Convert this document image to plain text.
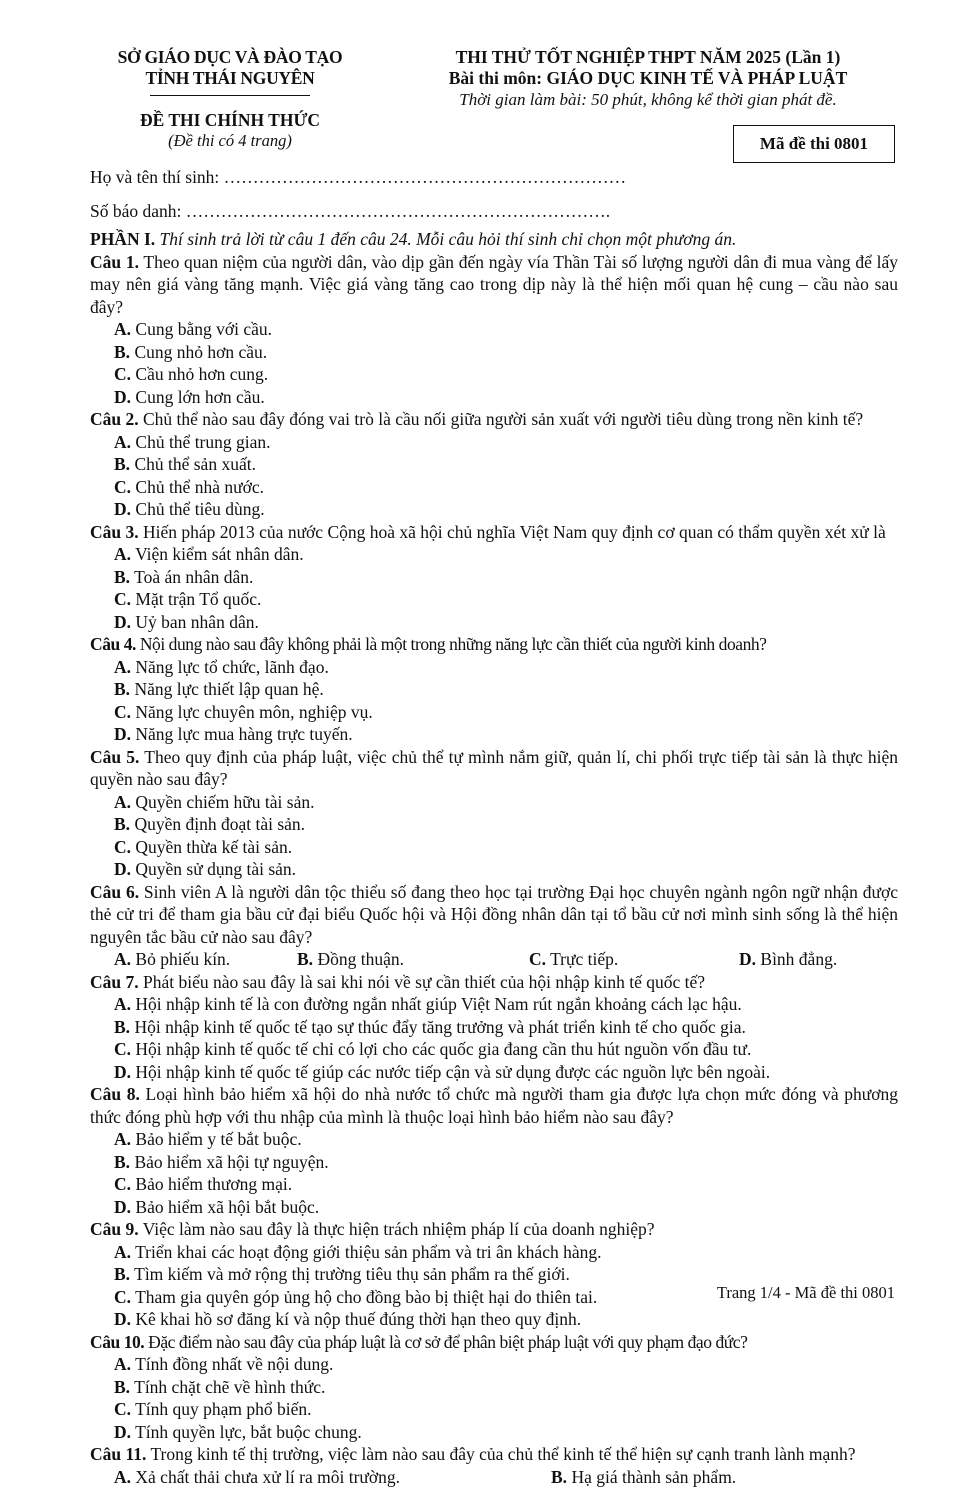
SỞ GIÁO DỤC VÀ ĐÀO TẠO
TỈNH THÁI NGUYÊN
ĐỀ THI CHÍNH THỨC
(Đề thi có 4 trang)
THI THỬ TỐT NGHIỆP THPT NĂM 2025 (Lần 1)
Bài thi môn: GIÁO DỤC KINH TẾ VÀ PHÁP LUẬT
Thời gian làm bài: 50 phút, không kể thời gian phát đề.
Mã đề thi 0801
Họ và tên thí sinh: ……………………………………………………………
Số báo danh: ……………………………………………………………….
PHẦN I. Thí sinh trả lời từ câu 1 đến câu 24. Mỗi câu hỏi thí sinh chỉ chọn một phương án.
Câu 1. Theo quan niệm của người dân, vào dịp gần đến ngày vía Thần Tài số lượng người dân đi mua vàng để lấy may nên giá vàng tăng mạnh. Việc giá vàng tăng cao trong dịp này là thể hiện mối quan hệ cung – cầu nào sau đây?
A. Cung bằng với cầu.
B. Cung nhỏ hơn cầu.
C. Cầu nhỏ hơn cung.
D. Cung lớn hơn cầu.
Câu 2. Chủ thể nào sau đây đóng vai trò là cầu nối giữa người sản xuất với người tiêu dùng trong nền kinh tế?
A. Chủ thể trung gian.
B. Chủ thể sản xuất.
C. Chủ thể nhà nước.
D. Chủ thể tiêu dùng.
Câu 3. Hiến pháp 2013 của nước Cộng hoà xã hội chủ nghĩa Việt Nam quy định cơ quan có thẩm quyền xét xử là
A. Viện kiểm sát nhân dân.
B. Toà án nhân dân.
C. Mặt trận Tổ quốc.
D. Uỷ ban nhân dân.
Câu 4. Nội dung nào sau đây không phải là một trong những năng lực cần thiết của người kinh doanh?
A. Năng lực tổ chức, lãnh đạo.
B. Năng lực thiết lập quan hệ.
C. Năng lực chuyên môn, nghiệp vụ.
D. Năng lực mua hàng trực tuyến.
Câu 5. Theo quy định của pháp luật, việc chủ thể tự mình nắm giữ, quản lí, chi phối trực tiếp tài sản là thực hiện quyền nào sau đây?
A. Quyền chiếm hữu tài sản.
B. Quyền định đoạt tài sản.
C. Quyền thừa kế tài sản.
D. Quyền sử dụng tài sản.
Câu 6. Sinh viên A là người dân tộc thiểu số đang theo học tại trường Đại học chuyên ngành ngôn ngữ nhận được thẻ cử tri để tham gia bầu cử đại biểu Quốc hội và Hội đồng nhân dân tại tổ bầu cử nơi mình sinh sống là thể hiện nguyên tắc bầu cử nào sau đây?
A. Bỏ phiếu kín.	B. Đồng thuận.	C. Trực tiếp.	D. Bình đẳng.
Câu 7. Phát biểu nào sau đây là sai khi nói về sự cần thiết của hội nhập kinh tế quốc tế?
A. Hội nhập kinh tế là con đường ngắn nhất giúp Việt Nam rút ngắn khoảng cách lạc hậu.
B. Hội nhập kinh tế quốc tế tạo sự thúc đẩy tăng trưởng và phát triển kinh tế cho quốc gia.
C. Hội nhập kinh tế quốc tế chỉ có lợi cho các quốc gia đang cần thu hút nguồn vốn đầu tư.
D. Hội nhập kinh tế quốc tế giúp các nước tiếp cận và sử dụng được các nguồn lực bên ngoài.
Câu 8. Loại hình bảo hiểm xã hội do nhà nước tổ chức mà người tham gia được lựa chọn mức đóng và phương thức đóng phù hợp với thu nhập của mình là thuộc loại hình bảo hiểm nào sau đây?
A. Bảo hiểm y tế bắt buộc.
B. Bảo hiểm xã hội tự nguyện.
C. Bảo hiểm thương mại.
D. Bảo hiểm xã hội bắt buộc.
Câu 9. Việc làm nào sau đây là thực hiện trách nhiệm pháp lí của doanh nghiệp?
A. Triển khai các hoạt động giới thiệu sản phẩm và tri ân khách hàng.
B. Tìm kiếm và mở rộng thị trường tiêu thụ sản phẩm ra thế giới.
C. Tham gia quyên góp ủng hộ cho đồng bào bị thiệt hại do thiên tai.
D. Kê khai hồ sơ đăng kí và nộp thuế đúng thời hạn theo quy định.
Câu 10. Đặc điểm nào sau đây của pháp luật là cơ sở để phân biệt pháp luật với quy phạm đạo đức?
A. Tính đồng nhất về nội dung.
B. Tính chặt chẽ về hình thức.
C. Tính quy phạm phổ biến.
D. Tính quyền lực, bắt buộc chung.
Câu 11. Trong kinh tế thị trường, việc làm nào sau đây của chủ thể kinh tế thể hiện sự cạnh tranh lành mạnh?
A. Xả chất thải chưa xử lí ra môi trường.	B. Hạ giá thành sản phẩm.
Trang 1/4 - Mã đề thi 0801
